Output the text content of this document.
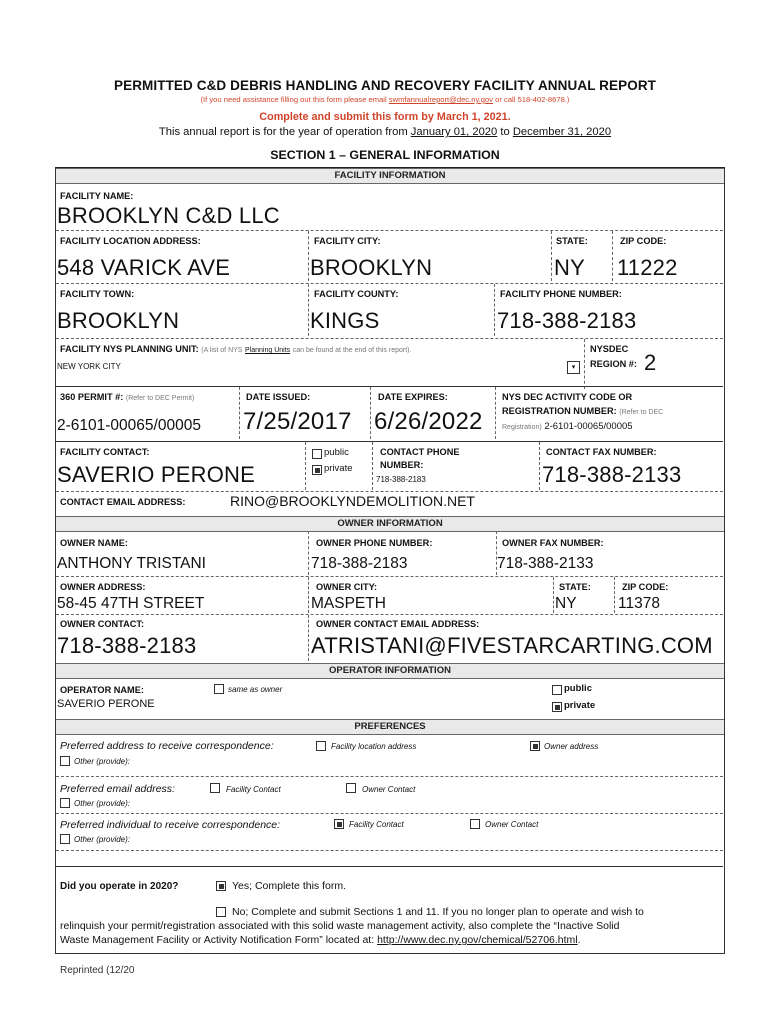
PERMITTED C&D DEBRIS HANDLING AND RECOVERY FACILITY ANNUAL REPORT
(If you need assistance filling out this form please email swmfannualreport@dec.ny.gov or call 518-402-8678.)
Complete and submit this form by March 1, 2021.
This annual report is for the year of operation from January 01, 2020 to December 31, 2020
SECTION 1 – GENERAL INFORMATION
FACILITY INFORMATION
FACILITY NAME:
BROOKLYN C&D LLC
FACILITY LOCATION ADDRESS:	FACILITY CITY:	STATE:	ZIP CODE:
548 VARICK AVE	BROOKLYN	NY 11222
FACILITY TOWN:	FACILITY COUNTY:	FACILITY PHONE NUMBER:
BROOKLYN	KINGS	718-388-2183
FACILITY NYS PLANNING UNIT: (A list of NYS Planning Units can be found at the end of this report).
NEW YORK CITY	▾
NYSDEC
REGION #: 2
360 PERMIT #: (Refer to DEC Permit)
2-6101-00065/00005
DATE ISSUED:
7/25/2017
DATE EXPIRES:
6/26/2022
NYS DEC ACTIVITY CODE OR
REGISTRATION NUMBER: (Refer to DEC
Registration) 2-6101-00065/00005
FACILITY CONTACT:
SAVERIO PERONE
public
private
CONTACT PHONE
NUMBER:
718-388-2183
CONTACT FAX NUMBER:
718-388-2133
CONTACT EMAIL ADDRESS:	RINO@BROOKLYNDEMOLITION.NET
OWNER INFORMATION
OWNER NAME:	OWNER PHONE NUMBER:	OWNER FAX NUMBER:
ANTHONY TRISTANI	718-388-2183	718-388-2133
OWNER ADDRESS:	OWNER CITY:	STATE:	ZIP CODE:
58-45 47TH STREET	MASPETH	NY	11378
OWNER CONTACT:	OWNER CONTACT EMAIL ADDRESS:
718-388-2183	ATRISTANI@FIVESTARCARTING.COM
OPERATOR INFORMATION
OPERATOR NAME:	same as owner
SAVERIO PERONE
public
private
PREFERENCES
Preferred address to receive correspondence:	Facility location address	Owner address
Other (provide):
Preferred email address:	Facility Contact	Owner Contact
Other (provide):
Preferred individual to receive correspondence:	Facility Contact	Owner Contact
Other (provide):
Did you operate in 2020?	Yes; Complete this form.
No; Complete and submit Sections 1 and 11. If you no longer plan to operate and wish to
relinquish your permit/registration associated with this solid waste management activity, also complete the “Inactive Solid
Waste Management Facility or Activity Notification Form” located at: http://www.dec.ny.gov/chemical/52706.html.
Reprinted (12/20
